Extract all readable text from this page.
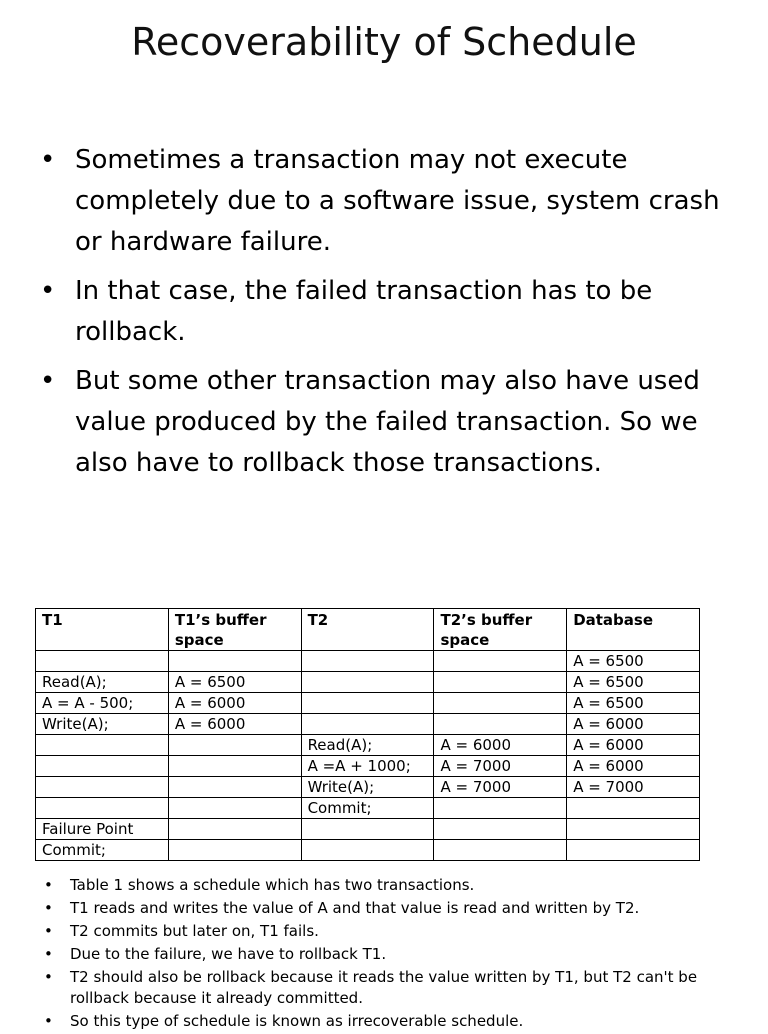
Recoverability of Schedule
• Sometimes a transaction may not execute completely due to a software issue, system crash or hardware failure.
• In that case, the failed transaction has to be rollback.
• But some other transaction may also have used value produced by the failed transaction. So we also have to rollback those transactions.
T1	T1’s buffer space	T2	T2’s buffer space	Database
				A = 6500
Read(A);	A = 6500			A = 6500
A = A - 500;	A = 6000			A = 6500
Write(A);	A = 6000			A = 6000
		Read(A);	A = 6000	A = 6000
		A =A + 1000;	A = 7000	A = 6000
		Write(A);	A = 7000	A = 7000
		Commit;		
Failure Point				
Commit;				
• Table 1 shows a schedule which has two transactions.
• T1 reads and writes the value of A and that value is read and written by T2.
• T2 commits but later on, T1 fails.
• Due to the failure, we have to rollback T1.
• T2 should also be rollback because it reads the value written by T1, but T2 can't be rollback because it already committed.
• So this type of schedule is known as irrecoverable schedule.
